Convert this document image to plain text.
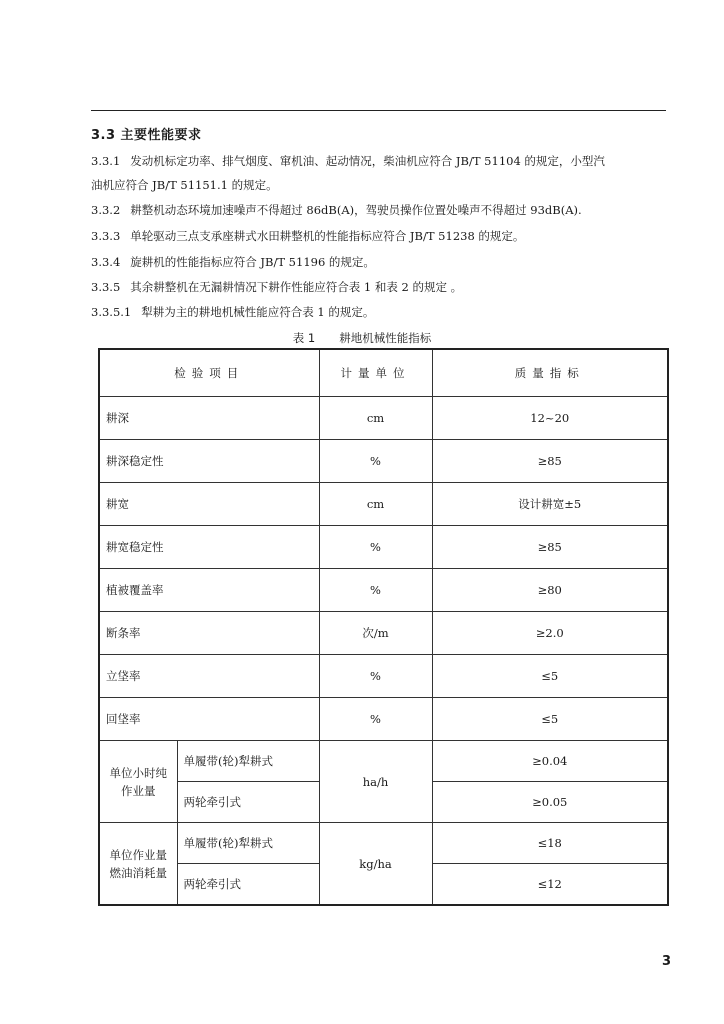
3.3 主要性能要求
3.3.1 发动机标定功率、排气烟度、窜机油、起动情况，柴油机应符合 JB/T 51104 的规定，小型汽
油机应符合 JB/T 51151.1 的规定。
3.3.2 耕整机动态环境加速噪声不得超过 86dB(A)，驾驶员操作位置处噪声不得超过 93dB(A).
3.3.3 单轮驱动三点支承座耕式水田耕整机的性能指标应符合 JB/T 51238 的规定。
3.3.4 旋耕机的性能指标应符合 JB/T 51196 的规定。
3.3.5 其余耕整机在无漏耕情况下耕作性能应符合表 1 和表 2 的规定 。
3.3.5.1 犁耕为主的耕地机械性能应符合表 1 的规定。
表 1 耕地机械性能指标
检验项目		计量单位	质量指标
耕深		cm	12~20
耕深稳定性		%	≥85
耕宽		cm	设计耕宽±5
耕宽稳定性		%	≥85
植被覆盖率		%	≥80
断条率		次/m	≥2.0
立垡率		%	≤5
回垡率		%	≤5
单位小时纯
作业量	单履带(轮)犁耕式	ha/h	≥0.04
	两轮牵引式		≥0.05
单位作业量
燃油消耗量	单履带(轮)犁耕式	kg/ha	≤18
	两轮牵引式		≤12
3
